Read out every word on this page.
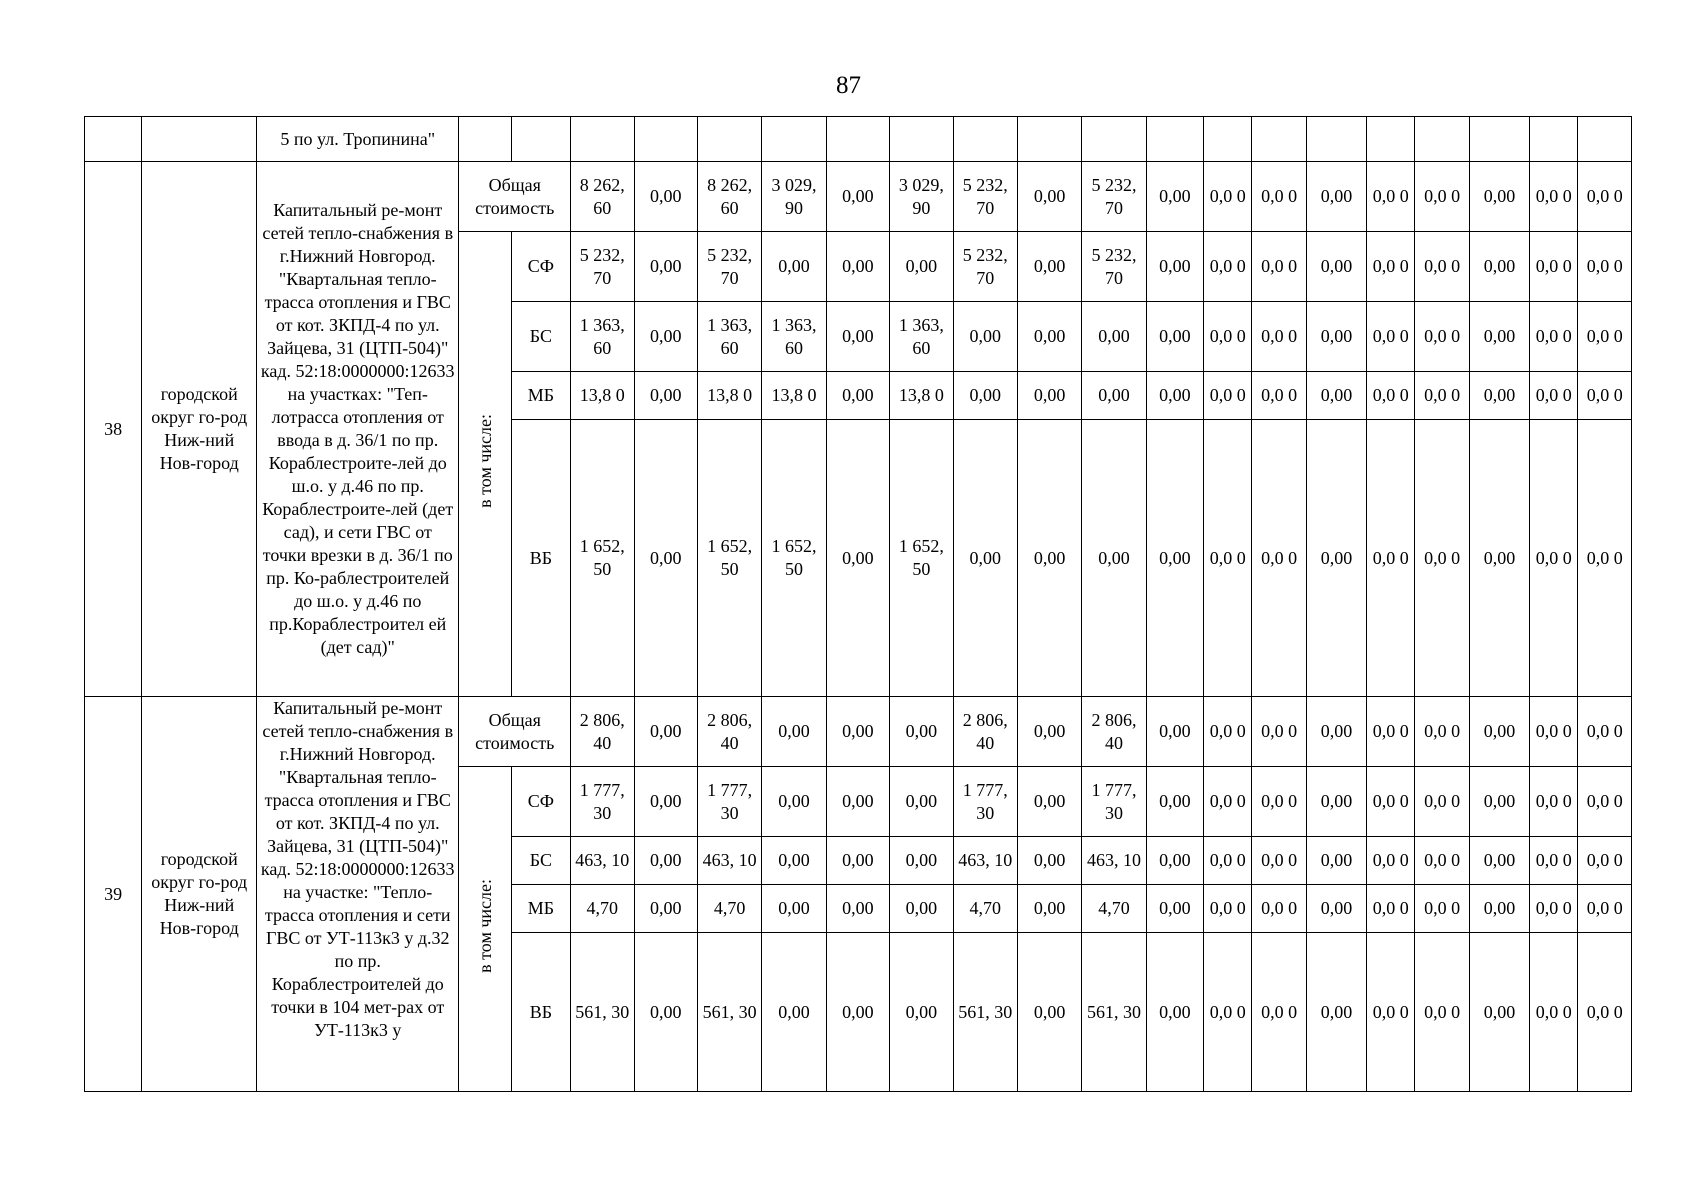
87
		5 по ул. Тропинина"																				
38	городской округ го-род Ниж-ний Нов-город	Капитальный ре-монт сетей тепло-снабжения в г.Нижний Новгород. "Квартальная тепло-трасса отопления и ГВС от кот. ЗКПД-4 по ул. Зайцева, 31 (ЦТП-504)" кад. 52:18:0000000:12633 на участках: "Теп-лотрасса отопления от ввода в д. 36/1 по пр. Кораблестроите-лей до ш.о. у д.46 по пр. Кораблестроите-лей (дет сад), и сети ГВС от точки врезки в д. 36/1 по пр. Ко-раблестроителей до ш.о. у д.46 по пр.Кораблестроител ей (дет сад)"	Общая стоимость		8 262, 60	0,00	8 262, 60	3 029, 90	0,00	3 029, 90	5 232, 70	0,00	5 232, 70	0,00	0,0 0	0,0 0	0,00	0,0 0	0,0 0	0,00	0,0 0	0,0 0
			в том числе:	СФ	5 232, 70	0,00	5 232, 70	0,00	0,00	0,00	5 232, 70	0,00	5 232, 70	0,00	0,0 0	0,0 0	0,00	0,0 0	0,0 0	0,00	0,0 0	0,0 0
				БС	1 363, 60	0,00	1 363, 60	1 363, 60	0,00	1 363, 60	0,00	0,00	0,00	0,00	0,0 0	0,0 0	0,00	0,0 0	0,0 0	0,00	0,0 0	0,0 0
				МБ	13,8 0	0,00	13,8 0	13,8 0	0,00	13,8 0	0,00	0,00	0,00	0,00	0,0 0	0,0 0	0,00	0,0 0	0,0 0	0,00	0,0 0	0,0 0
				ВБ	1 652, 50	0,00	1 652, 50	1 652, 50	0,00	1 652, 50	0,00	0,00	0,00	0,00	0,0 0	0,0 0	0,00	0,0 0	0,0 0	0,00	0,0 0	0,0 0
39	городской округ го-род Ниж-ний Нов-город	Капитальный ре-монт сетей тепло-снабжения в г.Нижний Новгород. "Квартальная тепло-трасса отопления и ГВС от кот. ЗКПД-4 по ул. Зайцева, 31 (ЦТП-504)" кад. 52:18:0000000:12633 на участке: "Тепло-трасса отопления и сети ГВС от УТ-113к3 у д.32 по пр. Кораблестроителей до точки в 104 мет-рах от УТ-113к3 у	Общая стоимость		2 806, 40	0,00	2 806, 40	0,00	0,00	0,00	2 806, 40	0,00	2 806, 40	0,00	0,0 0	0,0 0	0,00	0,0 0	0,0 0	0,00	0,0 0	0,0 0
			в том числе:	СФ	1 777, 30	0,00	1 777, 30	0,00	0,00	0,00	1 777, 30	0,00	1 777, 30	0,00	0,0 0	0,0 0	0,00	0,0 0	0,0 0	0,00	0,0 0	0,0 0
				БС	463, 10	0,00	463, 10	0,00	0,00	0,00	463, 10	0,00	463, 10	0,00	0,0 0	0,0 0	0,00	0,0 0	0,0 0	0,00	0,0 0	0,0 0
				МБ	4,70	0,00	4,70	0,00	0,00	0,00	4,70	0,00	4,70	0,00	0,0 0	0,0 0	0,00	0,0 0	0,0 0	0,00	0,0 0	0,0 0
				ВБ	561, 30	0,00	561, 30	0,00	0,00	0,00	561, 30	0,00	561, 30	0,00	0,0 0	0,0 0	0,00	0,0 0	0,0 0	0,00	0,0 0	0,0 0
